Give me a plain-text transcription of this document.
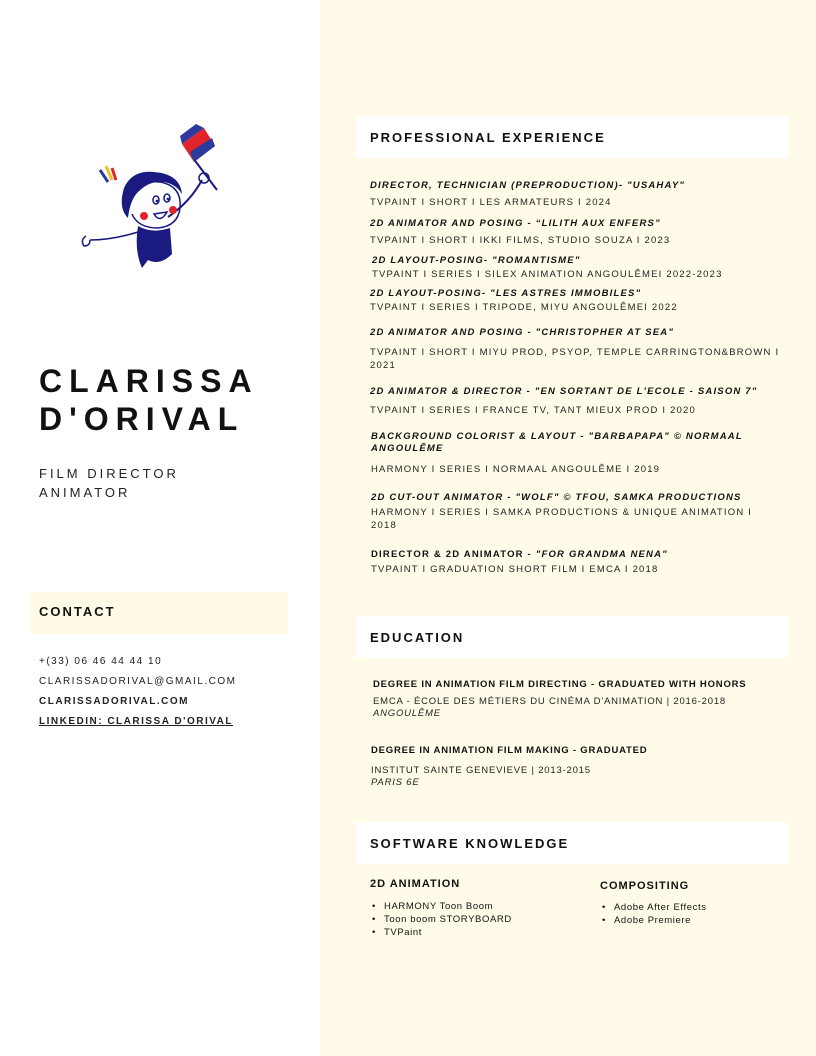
CLARISSA
D'ORIVAL
FILM DIRECTOR
ANIMATOR
CONTACT
+(33) 06 46 44 44 10
CLARISSADORIVAL@GMAIL.COM
CLARISSADORIVAL.COM
LINKEDIN: CLARISSA D'ORIVAL
PROFESSIONAL EXPERIENCE
DIRECTOR, TECHNICIAN (PREPRODUCTION)- "USAHAY"
TVPAINT I SHORT I LES ARMATEURS I 2024
2D ANIMATOR AND POSING - “LILITH AUX ENFERS”
TVPAINT I SHORT I IKKI FILMS, STUDIO SOUZA I 2023
2D LAYOUT-POSING- "ROMANTISME"
TVPAINT I SERIES I SILEX ANIMATION ANGOULÊMEI 2022-2023
2D LAYOUT-POSING- "LES ASTRES IMMOBILES"
TVPAINT I SERIES I TRIPODE, MIYU ANGOULÊMEI 2022
2D ANIMATOR AND POSING - "CHRISTOPHER AT SEA"
TVPAINT I SHORT I MIYU PROD, PSYOP, TEMPLE CARRINGTON&BROWN I 2021
2D ANIMATOR & DIRECTOR - "EN SORTANT DE L'ECOLE - SAISON 7"
TVPAINT I SERIES I FRANCE TV, TANT MIEUX PROD I 2020
BACKGROUND COLORIST & LAYOUT - "BARBAPAPA" © NORMAAL ANGOULÊME
HARMONY I SERIES I NORMAAL ANGOULÊME I 2019
2D CUT-OUT ANIMATOR - "WOLF" © TFOU, SAMKA PRODUCTIONS
HARMONY I SERIES I SAMKA PRODUCTIONS & UNIQUE ANIMATION I 2018
DIRECTOR & 2D ANIMATOR - "FOR GRANDMA NENA"
TVPAINT I GRADUATION SHORT FILM I EMCA I 2018
EDUCATION
DEGREE IN ANIMATION FILM DIRECTING - GRADUATED WITH HONORS
EMCA - ÉCOLE DES MÉTIERS DU CINÉMA D'ANIMATION | 2016-2018
ANGOULÊME
DEGREE IN ANIMATION FILM MAKING - GRADUATED
INSTITUT SAINTE GENEVIEVE | 2013-2015
PARIS 6E
SOFTWARE KNOWLEDGE
2D ANIMATION
• HARMONY Toon Boom
• Toon boom STORYBOARD
• TVPaint
COMPOSITING
• Adobe After Effects
• Adobe Premiere
